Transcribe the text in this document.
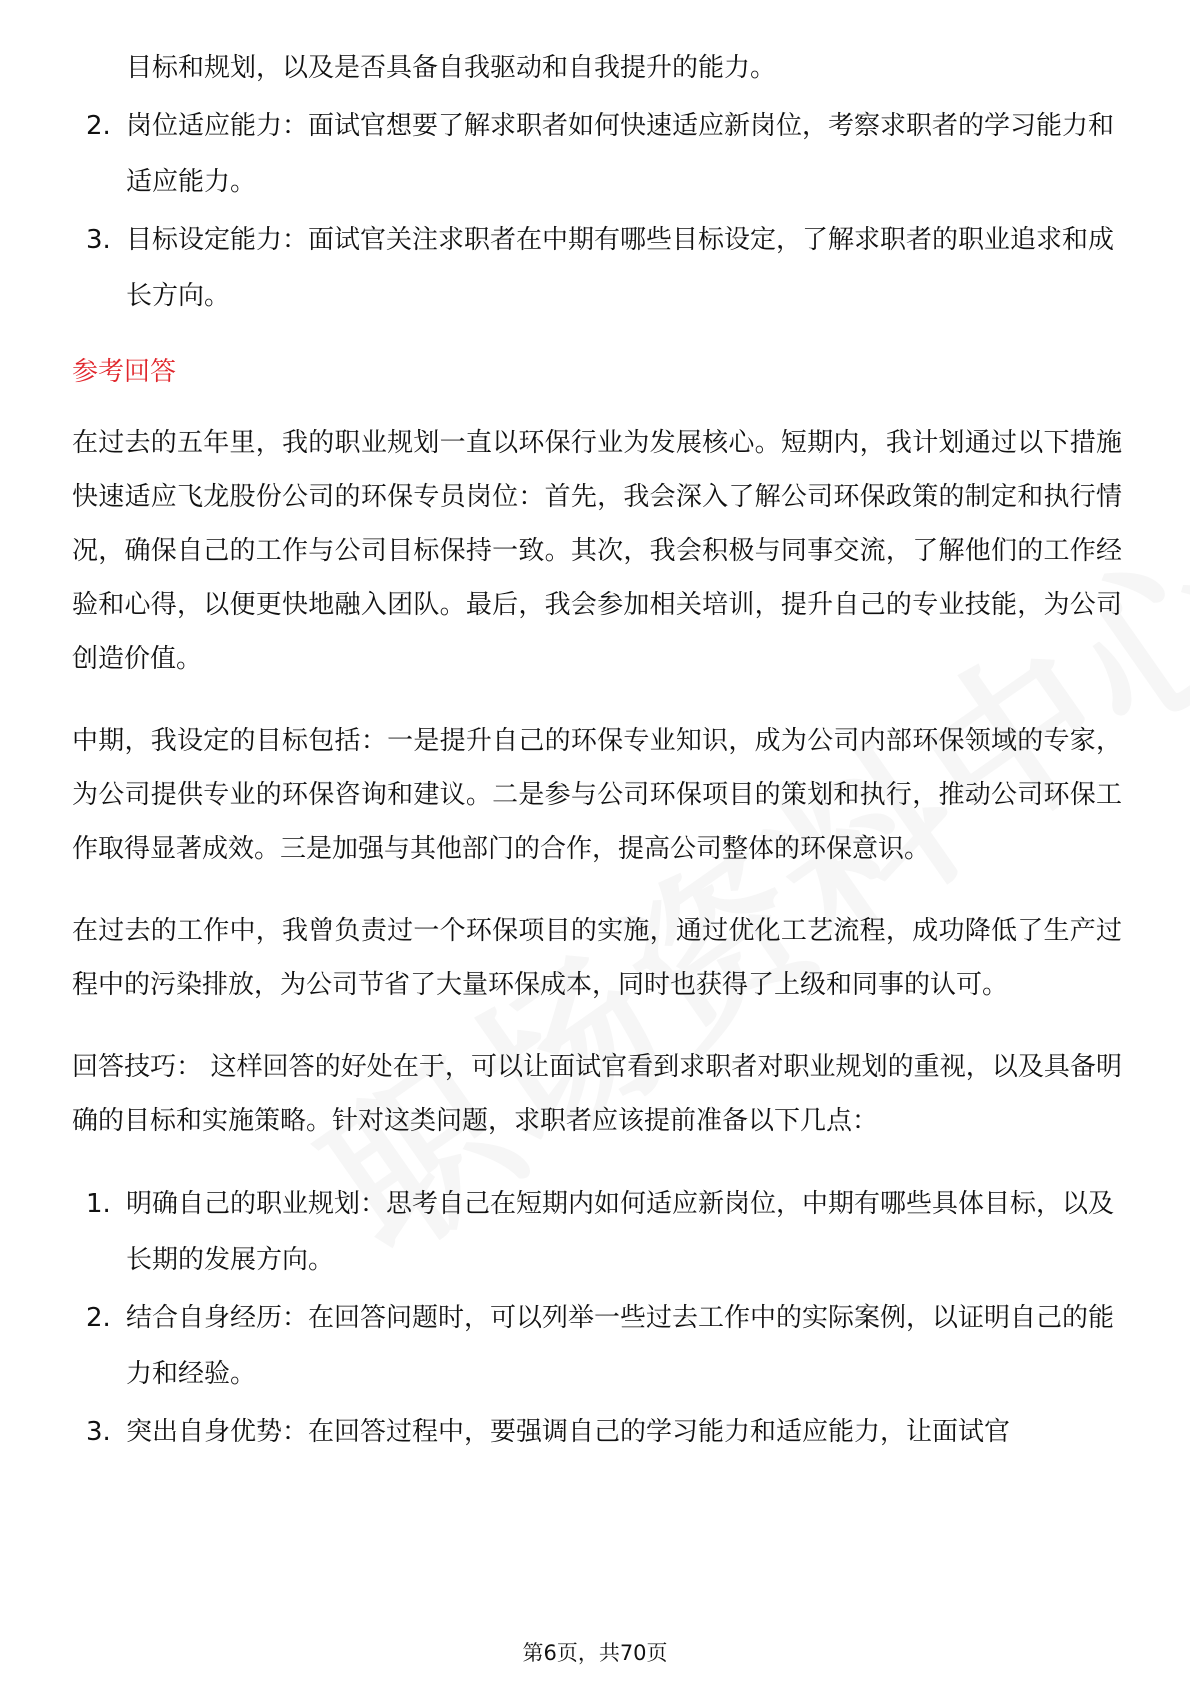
目标和规划，以及是否具备自我驱动和自我提升的能力。

2. 岗位适应能力：面试官想要了解求职者如何快速适应新岗位，考察求职者的学习能力和适应能力。
3. 目标设定能力：面试官关注求职者在中期有哪些目标设定，了解求职者的职业追求和成长方向。
参考回答

在过去的五年里，我的职业规划一直以环保行业为发展核心。短期内，我计划通过以下措施快速适应飞龙股份公司的环保专员岗位：首先，我会深入了解公司环保政策的制定和执行情况，确保自己的工作与公司目标保持一致。其次，我会积极与同事交流，了解他们的工作经验和心得，以便更快地融入团队。最后，我会参加相关培训，提升自己的专业技能，为公司创造价值。

中期，我设定的目标包括：一是提升自己的环保专业知识，成为公司内部环保领域的专家，为公司提供专业的环保咨询和建议。二是参与公司环保项目的策划和执行，推动公司环保工作取得显著成效。三是加强与其他部门的合作，提高公司整体的环保意识。

在过去的工作中，我曾负责过一个环保项目的实施，通过优化工艺流程，成功降低了生产过程中的污染排放，为公司节省了大量环保成本，同时也获得了上级和同事的认可。

回答技巧： 这样回答的好处在于，可以让面试官看到求职者对职业规划的重视，以及具备明确的目标和实施策略。针对这类问题，求职者应该提前准备以下几点：

1. 明确自己的职业规划：思考自己在短期内如何适应新岗位，中期有哪些具体目标，以及长期的发展方向。
2. 结合自身经历：在回答问题时，可以列举一些过去工作中的实际案例，以证明自己的能力和经验。
3. 突出自身优势：在回答过程中，要强调自己的学习能力和适应能力，让面试官
第6页，共70页
